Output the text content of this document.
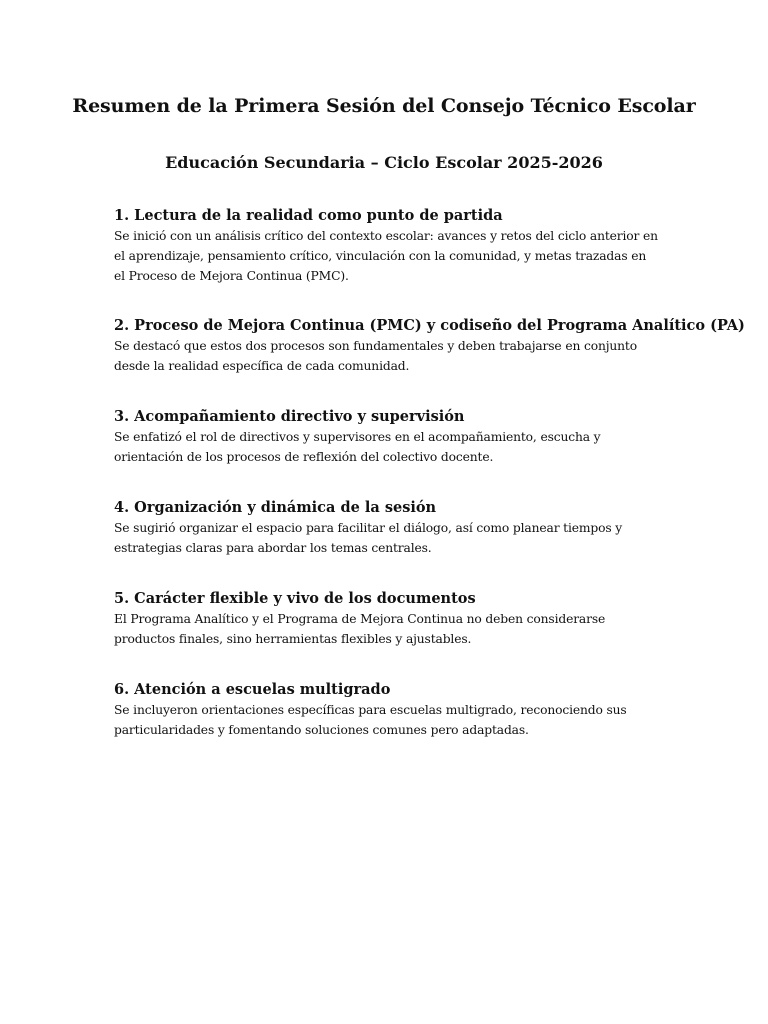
Resumen de la Primera Sesión del Consejo Técnico Escolar
Educación Secundaria – Ciclo Escolar 2025-2026
1. Lectura de la realidad como punto de partida

Se inició con un análisis crítico del contexto escolar: avances y retos del ciclo anterior en el aprendizaje, pensamiento crítico, vinculación con la comunidad, y metas trazadas en el Proceso de Mejora Continua (PMC).

2. Proceso de Mejora Continua (PMC) y codiseño del Programa Analítico (PA)

Se destacó que estos dos procesos son fundamentales y deben trabajarse en conjunto desde la realidad específica de cada comunidad.

3. Acompañamiento directivo y supervisión

Se enfatizó el rol de directivos y supervisores en el acompañamiento, escucha y orientación de los procesos de reflexión del colectivo docente.

4. Organización y dinámica de la sesión

Se sugirió organizar el espacio para facilitar el diálogo, así como planear tiempos y estrategias claras para abordar los temas centrales.

5. Carácter flexible y vivo de los documentos

El Programa Analítico y el Programa de Mejora Continua no deben considerarse productos finales, sino herramientas flexibles y ajustables.

6. Atención a escuelas multigrado

Se incluyeron orientaciones específicas para escuelas multigrado, reconociendo sus particularidades y fomentando soluciones comunes pero adaptadas.
